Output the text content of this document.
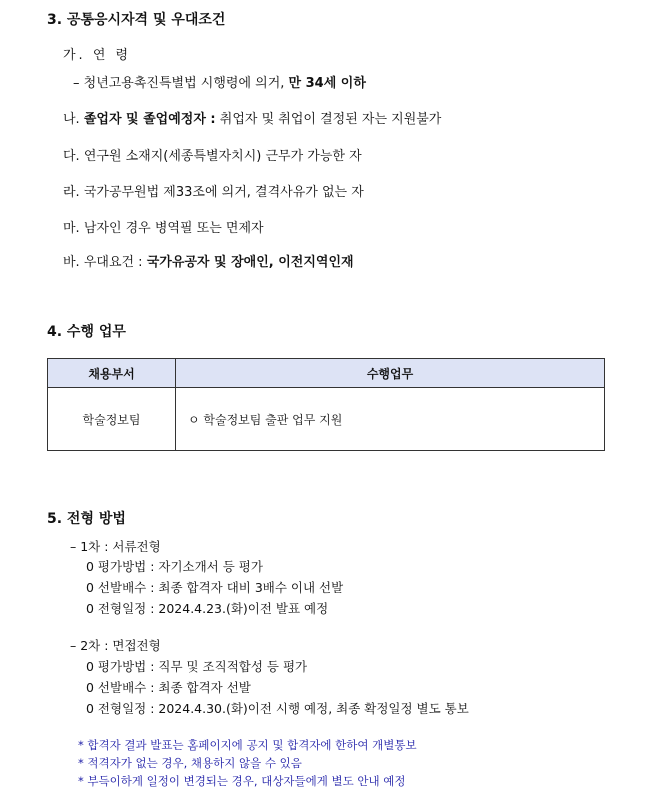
3. 공통응시자격 및 우대조건
가. 연 령
– 청년고용촉진특별법 시행령에 의거, 만 34세 이하
나. 졸업자 및 졸업예정자 : 취업자 및 취업이 결정된 자는 지원불가
다. 연구원 소재지(세종특별자치시) 근무가 가능한 자
라. 국가공무원법 제33조에 의거, 결격사유가 없는 자
마. 남자인 경우 병역필 또는 면제자
바. 우대요건 : 국가유공자 및 장애인, 이전지역인재
4. 수행 업무
채용부서	수행업무
학술정보팀	ㅇ 학술정보팀 출판 업무 지원
5. 전형 방법
– 1차 : 서류전형
0 평가방법 : 자기소개서 등 평가
0 선발배수 : 최종 합격자 대비 3배수 이내 선발
0 전형일정 : 2024.4.23.(화)이전 발표 예정
– 2차 : 면접전형
0 평가방법 : 직무 및 조직적합성 등 평가
0 선발배수 : 최종 합격자 선발
0 전형일정 : 2024.4.30.(화)이전 시행 예정, 최종 확정일정 별도 통보
* 합격자 결과 발표는 홈페이지에 공지 및 합격자에 한하여 개별통보
* 적격자가 없는 경우, 채용하지 않을 수 있음
* 부득이하게 일정이 변경되는 경우, 대상자들에게 별도 안내 예정
